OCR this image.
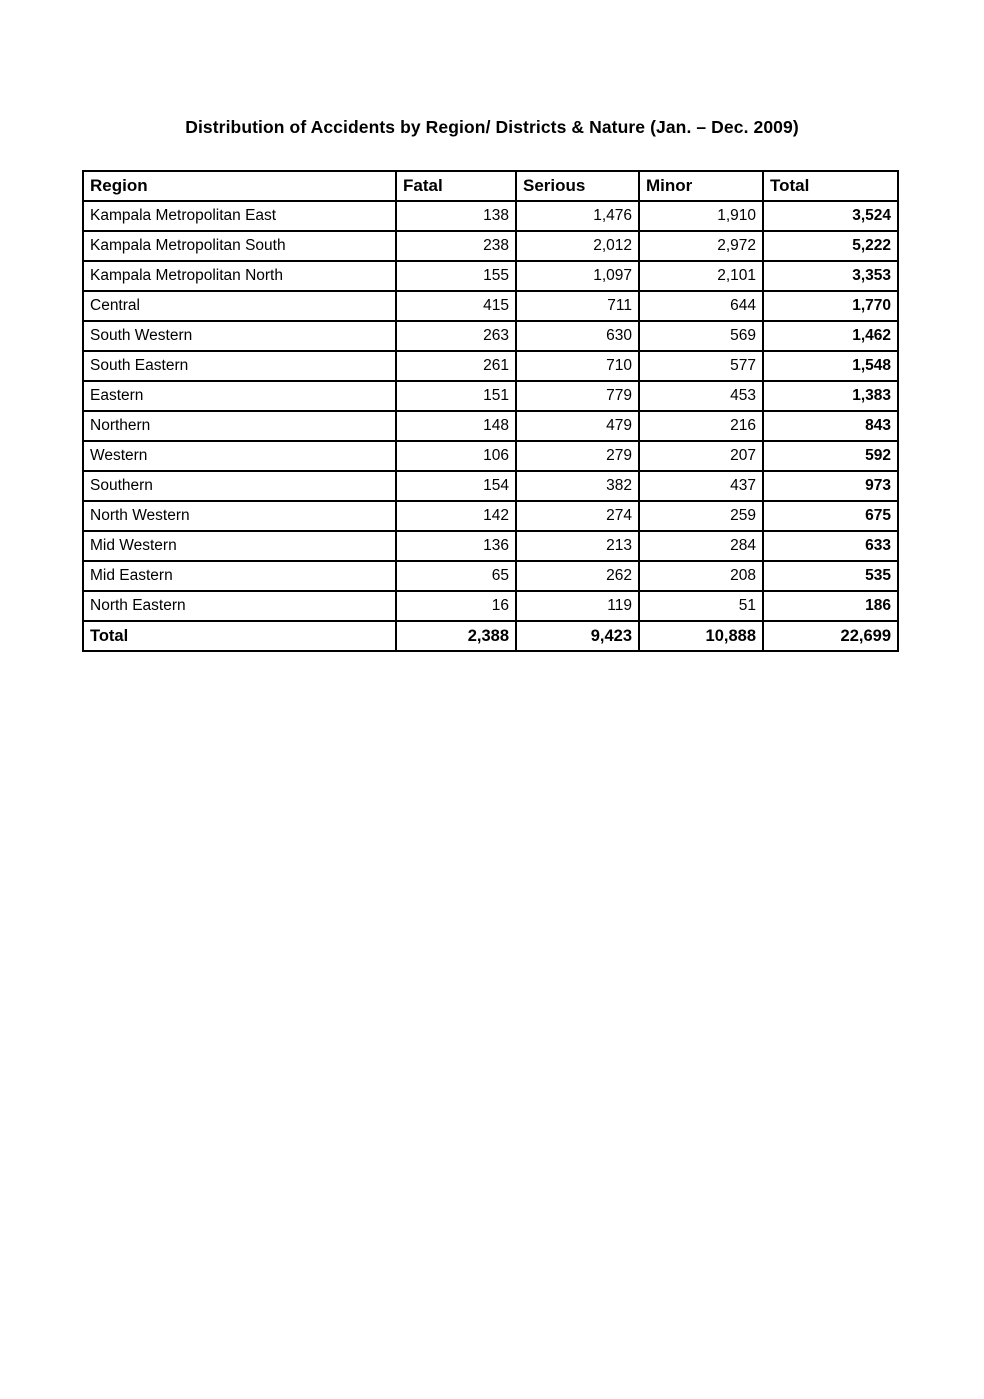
Distribution of Accidents by Region/ Districts & Nature (Jan. – Dec. 2009)
Region	Fatal	Serious	Minor	Total
Kampala Metropolitan East	138	1,476	1,910	3,524
Kampala Metropolitan South	238	2,012	2,972	5,222
Kampala Metropolitan North	155	1,097	2,101	3,353
Central	415	711	644	1,770
South Western	263	630	569	1,462
South Eastern	261	710	577	1,548
Eastern	151	779	453	1,383
Northern	148	479	216	843
Western	106	279	207	592
Southern	154	382	437	973
North Western	142	274	259	675
Mid Western	136	213	284	633
Mid Eastern	65	262	208	535
North Eastern	16	119	51	186
Total	2,388	9,423	10,888	22,699
